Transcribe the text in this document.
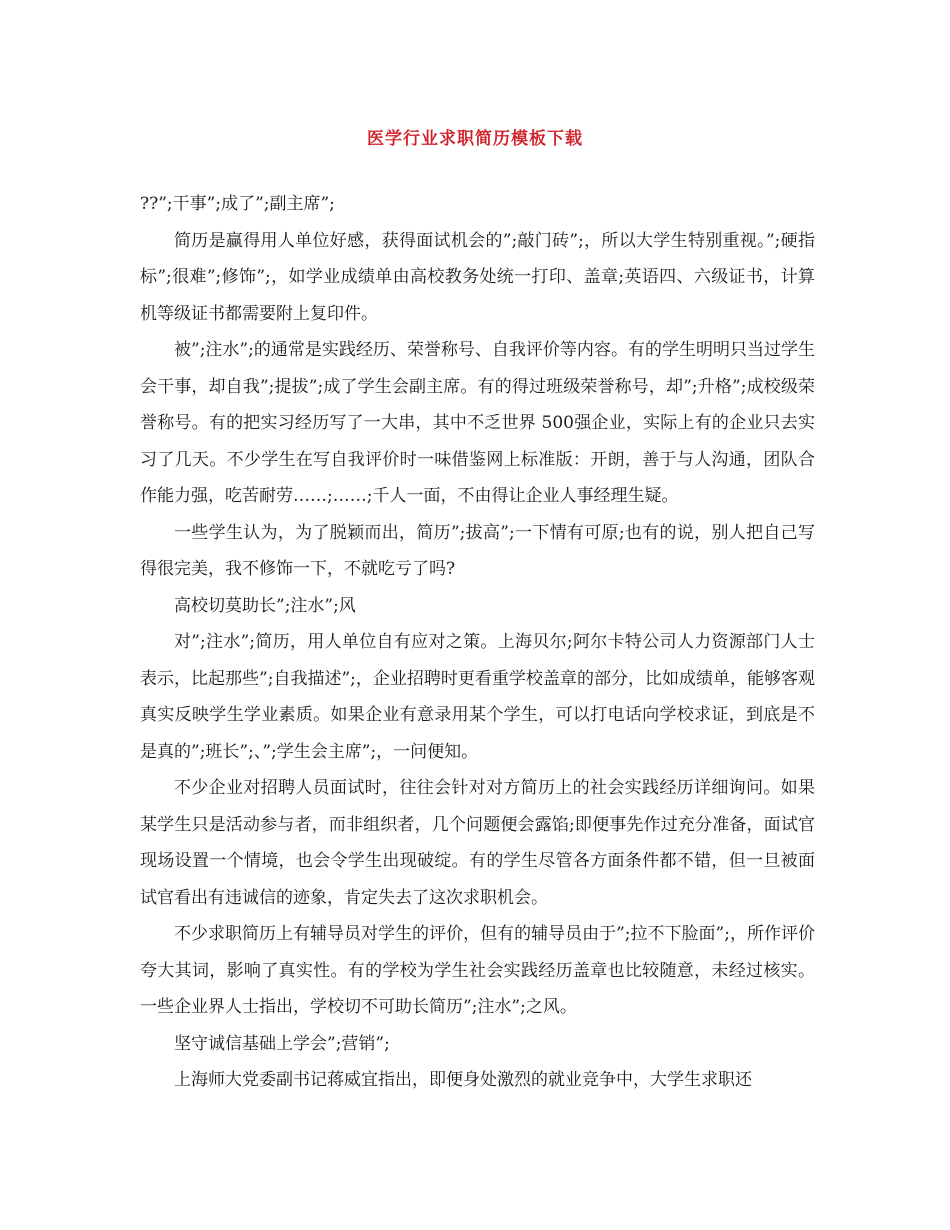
医学行业求职简历模板下载

??”;干事”;成了”;副主席”;

简历是赢得用人单位好感，获得面试机会的”;敲门砖”;，所以大学生特别重视。”;硬指标”;很难”;修饰”;，如学业成绩单由高校教务处统一打印、盖章;英语四、六级证书，计算机等级证书都需要附上复印件。

被”;注水”;的通常是实践经历、荣誉称号、自我评价等内容。有的学生明明只当过学生会干事，却自我”;提拔”;成了学生会副主席。有的得过班级荣誉称号，却”;升格”;成校级荣誉称号。有的把实习经历写了一大串，其中不乏世界 500强企业，实际上有的企业只去实习了几天。不少学生在写自我评价时一味借鉴网上标准版：开朗，善于与人沟通，团队合作能力强，吃苦耐劳……;……;千人一面，不由得让企业人事经理生疑。

一些学生认为，为了脱颖而出，简历”;拔高”;一下情有可原;也有的说，别人把自己写得很完美，我不修饰一下，不就吃亏了吗?

高校切莫助长”;注水”;风

对”;注水”;简历，用人单位自有应对之策。上海贝尔;阿尔卡特公司人力资源部门人士表示，比起那些”;自我描述”;，企业招聘时更看重学校盖章的部分，比如成绩单，能够客观真实反映学生学业素质。如果企业有意录用某个学生，可以打电话向学校求证，到底是不是真的”;班长”;、”;学生会主席”;，一问便知。

不少企业对招聘人员面试时，往往会针对对方简历上的社会实践经历详细询问。如果某学生只是活动参与者，而非组织者，几个问题便会露馅;即便事先作过充分准备，面试官现场设置一个情境，也会令学生出现破绽。有的学生尽管各方面条件都不错，但一旦被面试官看出有违诚信的迹象，肯定失去了这次求职机会。

不少求职简历上有辅导员对学生的评价，但有的辅导员由于”;拉不下脸面”;，所作评价夸大其词，影响了真实性。有的学校为学生社会实践经历盖章也比较随意，未经过核实。 一些企业界人士指出，学校切不可助长简历”;注水”;之风。

坚守诚信基础上学会”;营销”;

上海师大党委副书记蒋威宜指出，即便身处激烈的就业竞争中，大学生求职还
